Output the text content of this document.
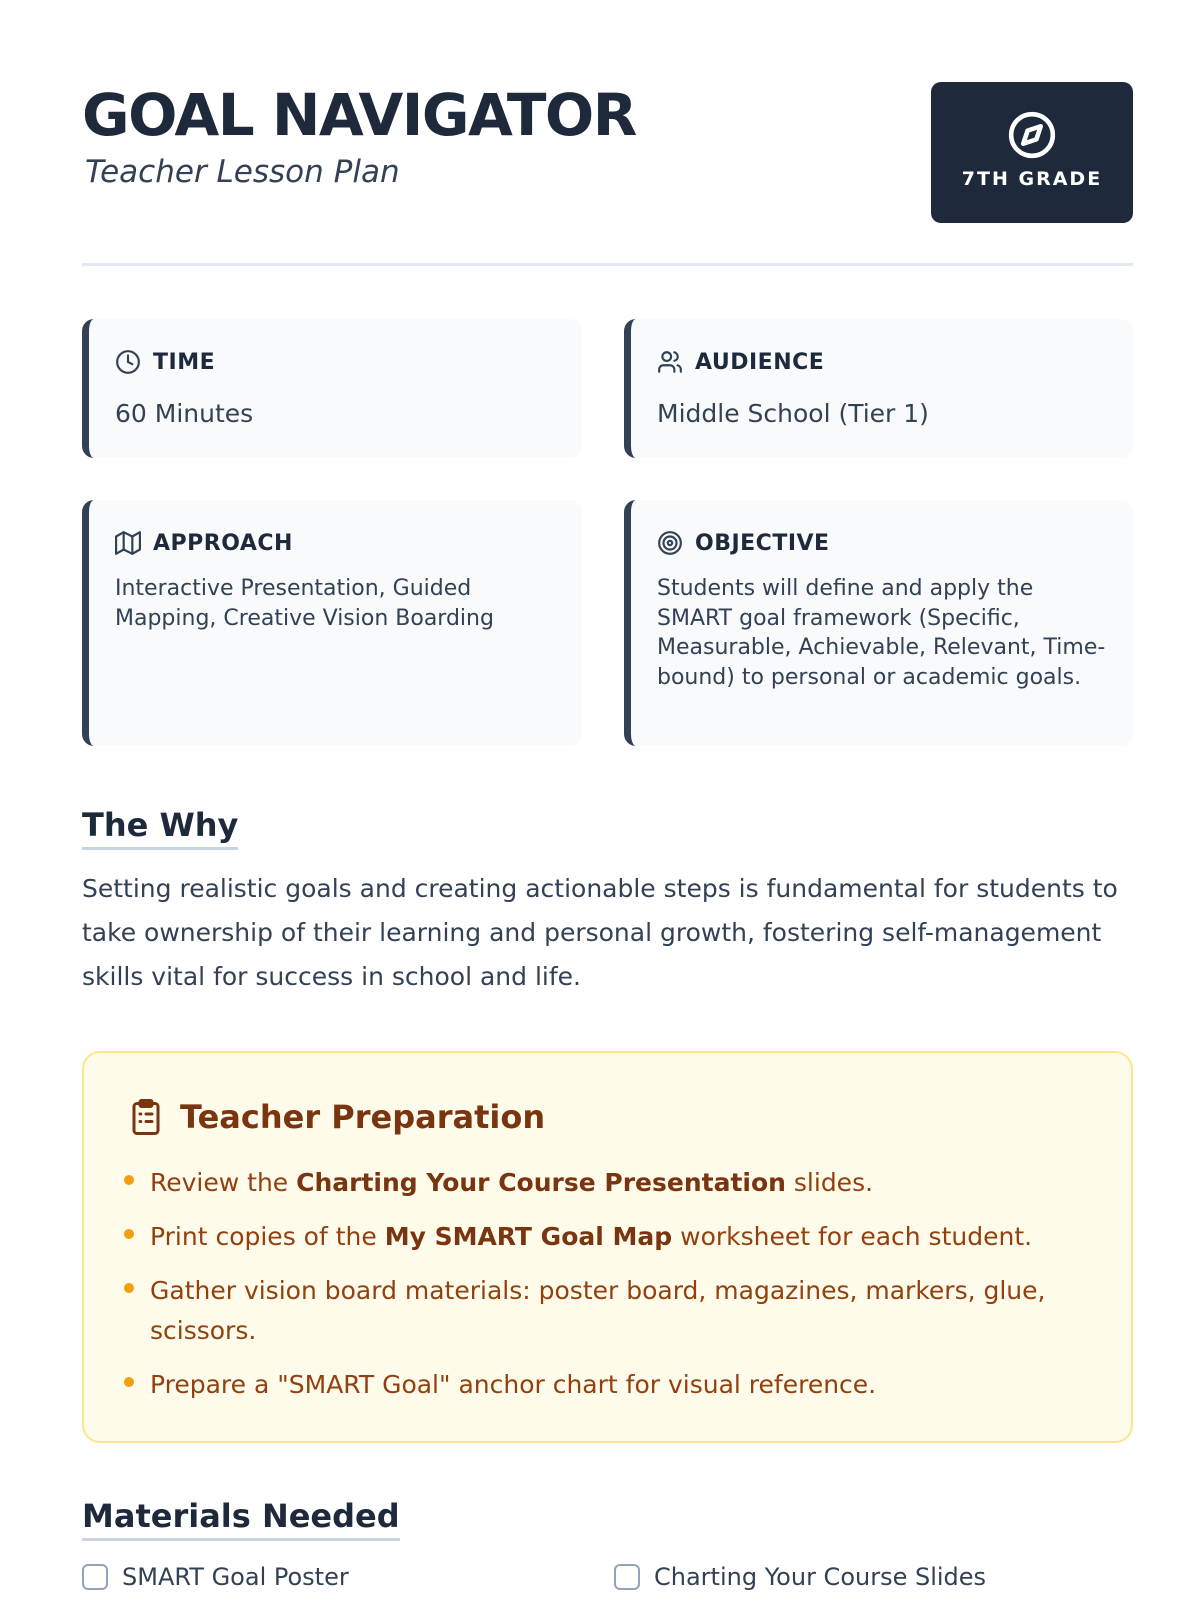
GOAL NAVIGATOR
Teacher Lesson Plan	7TH GRADE
TIME
60 Minutes
AUDIENCE
Middle School (Tier 1)
APPROACH
Interactive Presentation, Guided Mapping, Creative Vision Boarding
OBJECTIVE
Students will define and apply the SMART goal framework (Specific, Measurable, Achievable, Relevant, Time-bound) to personal or academic goals.
The Why
Setting realistic goals and creating actionable steps is fundamental for students to take ownership of their learning and personal growth, fostering self-management skills vital for success in school and life.
Teacher Preparation
Review the Charting Your Course Presentation slides.
Print copies of the My SMART Goal Map worksheet for each student.
Gather vision board materials: poster board, magazines, markers, glue, scissors.
Prepare a "SMART Goal" anchor chart for visual reference.
Materials Needed
SMART Goal Poster	Charting Your Course Slides
